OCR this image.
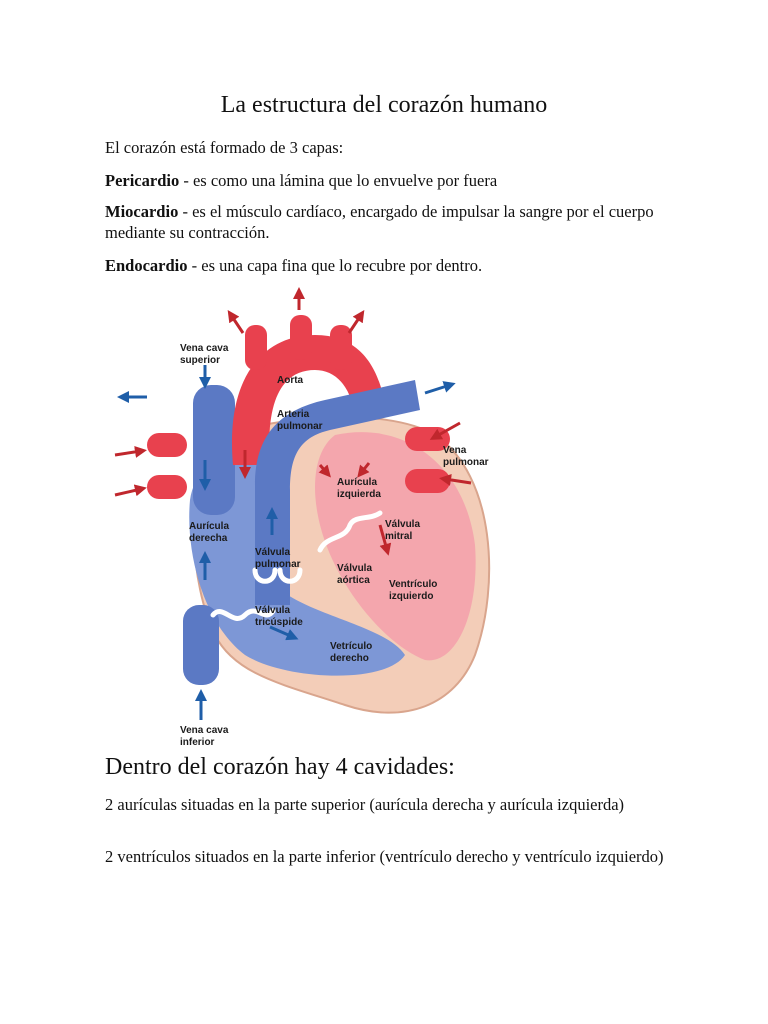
La estructura del corazón humano

El corazón está formado de 3 capas:

Pericardio - es como una lámina que lo envuelve por fuera

Miocardio - es el músculo cardíaco, encargado de impulsar la sangre por el cuerpo mediante su contracción.

Endocardio - es una capa fina que lo recubre por dentro.

Vena cava superior
Aorta
Arteria pulmonar
Vena pulmonar
Aurícula izquierda
Aurícula derecha
Válvula mitral
Válvula pulmonar	Válvula aórtica	Ventrículo izquierdo
Válvula tricúspide
Vetrículo derecho
Vena cava inferior
Dentro del corazón hay 4 cavidades:

2 aurículas situadas en la parte superior (aurícula derecha y aurícula izquierda)

2 ventrículos situados en la parte inferior (ventrículo derecho y ventrículo izquierdo)
